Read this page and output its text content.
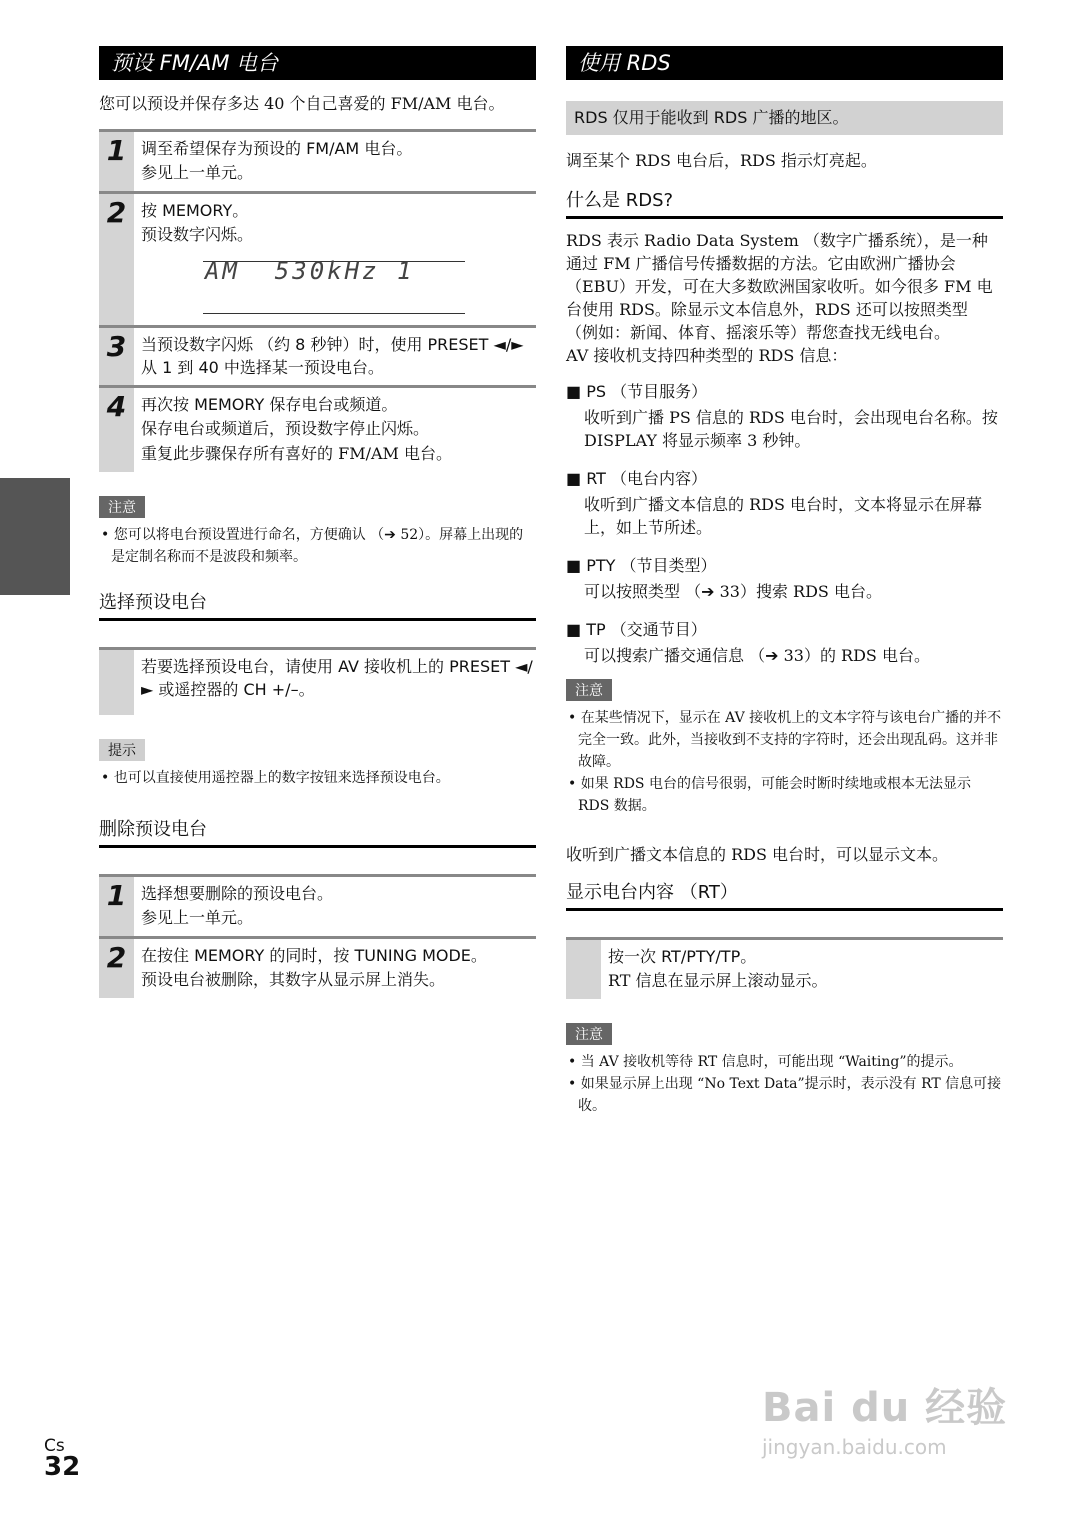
预设 FM/AM 电台

您可以预设并保存多达 40 个自己喜爱的 FM/AM 电台。

1 调至希望保存为预设的 FM/AM 电台。
参见上一单元。
2 按 MEMORY。
预设数字闪烁。
AM  530kHz 1
3 当预设数字闪烁 （约 8 秒钟）时，使用 PRESET ◄/► 从 1 到 40 中选择某一预设电台。
4 再次按 MEMORY 保存电台或频道。
保存电台或频道后，预设数字停止闪烁。
重复此步骤保存所有喜好的 FM/AM 电台。
注意

• 您可以将电台预设置进行命名，方便确认 （➔ 52）。屏幕上出现的是定制名称而不是波段和频率。

选择预设电台
若要选择预设电台，请使用 AV 接收机上的 PRESET ◄/► 或遥控器的 CH +/–。
提示

• 也可以直接使用遥控器上的数字按钮来选择预设电台。

删除预设电台
1 选择想要删除的预设电台。
参见上一单元。
2 在按住 MEMORY 的同时，按 TUNING MODE。
预设电台被删除，其数字从显示屏上消失。
使用 RDS
RDS 仅用于能收到 RDS 广播的地区。

调至某个 RDS 电台后，RDS 指示灯亮起。

什么是 RDS?

RDS 表示 Radio Data System （数字广播系统），是一种通过 FM 广播信号传播数据的方法。它由欧洲广播协会 （EBU）开发，可在大多数欧洲国家收听。如今很多 FM 电台使用 RDS。除显示文本信息外，RDS 还可以按照类型 （例如：新闻、体育、摇滚乐等）帮您查找无线电台。

AV 接收机支持四种类型的 RDS 信息：

■ PS （节目服务）

收听到广播 PS 信息的 RDS 电台时，会出现电台名称。按 DISPLAY 将显示频率 3 秒钟。

■ RT （电台内容）

收听到广播文本信息的 RDS 电台时，文本将显示在屏幕上，如上节所述。

■ PTY （节目类型）

可以按照类型 （➔ 33）搜索 RDS 电台。

■ TP （交通节目）

可以搜索广播交通信息 （➔ 33）的 RDS 电台。

注意

• 在某些情况下，显示在 AV 接收机上的文本字符与该电台广播的并不完全一致。此外，当接收到不支持的字符时，还会出现乱码。这并非故障。

• 如果 RDS 电台的信号很弱，可能会时断时续地或根本无法显示 RDS 数据。

收听到广播文本信息的 RDS 电台时，可以显示文本。

显示电台内容 （RT）
按一次 RT/PTY/TP。
RT 信息在显示屏上滚动显示。
注意

• 当 AV 接收机等待 RT 信息时，可能出现 “Waiting”的提示。

• 如果显示屏上出现 “No Text Data”提示时，表示没有 RT 信息可接收。

Cs
32
Bai du 经验
jingyan.baidu.com
